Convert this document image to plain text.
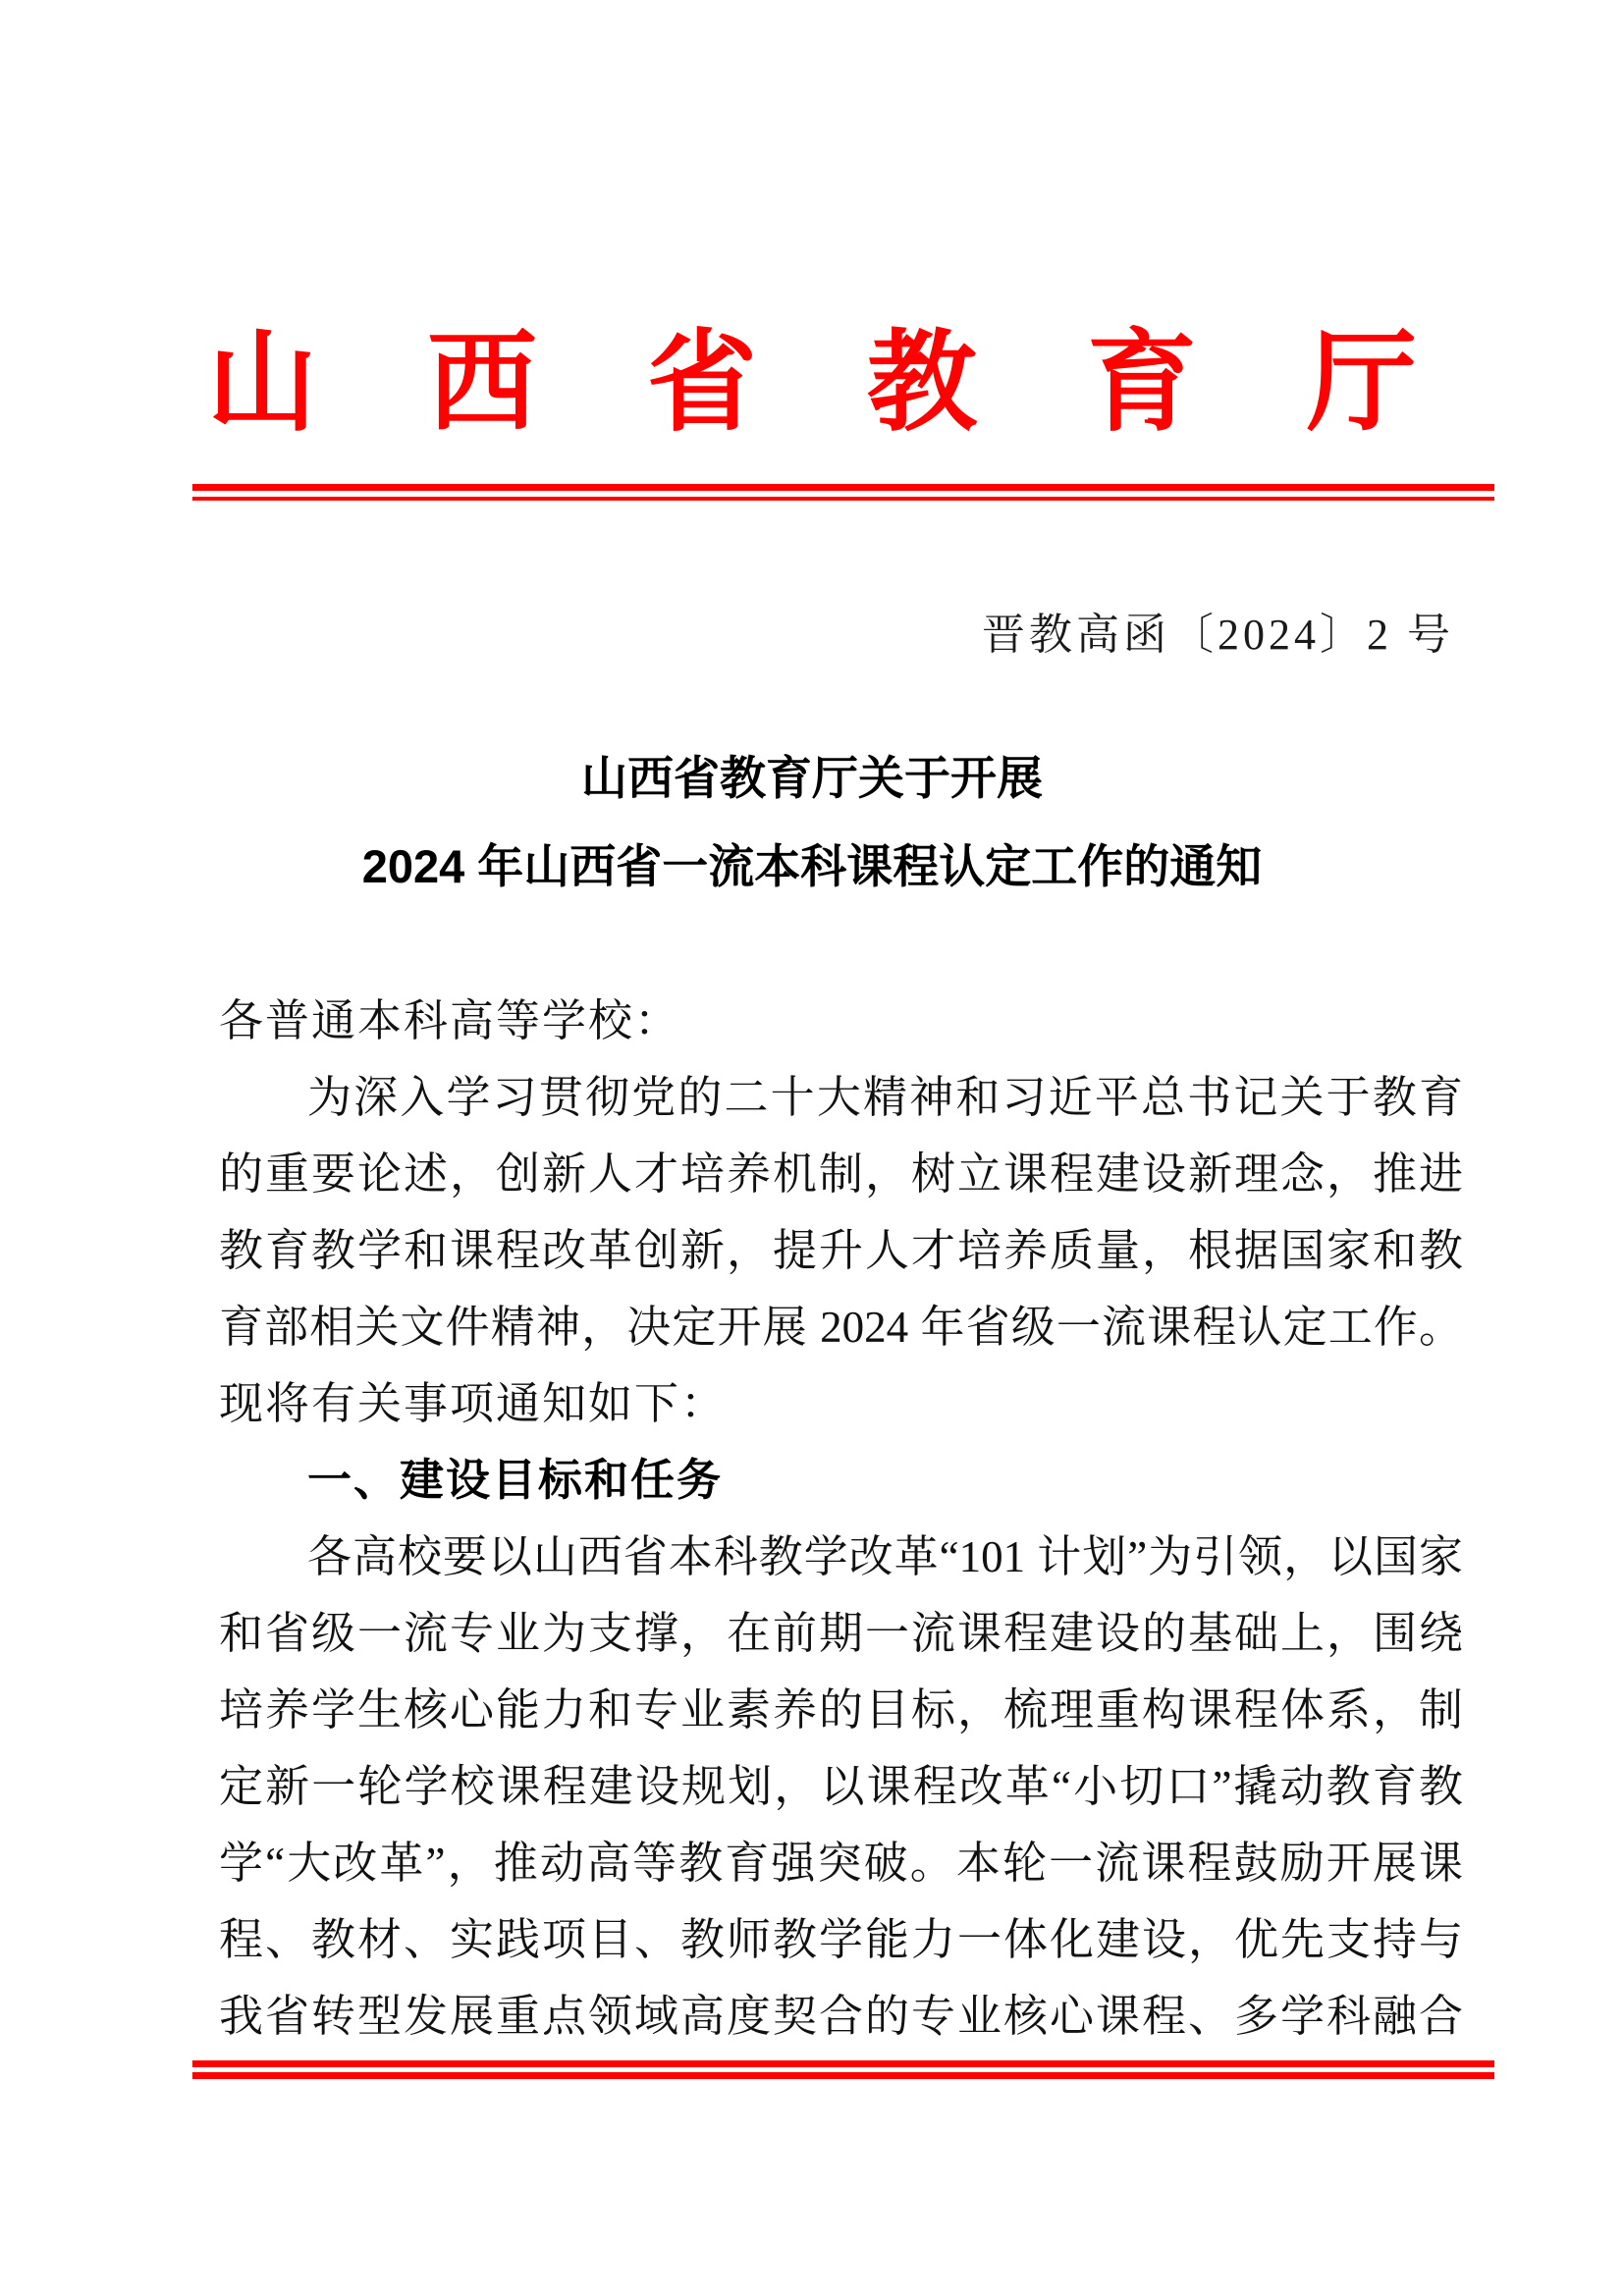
山西省教育厅
晋教高函〔2024〕2 号
山西省教育厅关于开展
2024 年山西省一流本科课程认定工作的通知
各普通本科高等学校：
为深入学习贯彻党的二十大精神和习近平总书记关于教育
的重要论述，创新人才培养机制，树立课程建设新理念，推进
教育教学和课程改革创新，提升人才培养质量，根据国家和教
育部相关文件精神，决定开展 2024 年省级一流课程认定工作。
现将有关事项通知如下：
一、建设目标和任务
各高校要以山西省本科教学改革“101 计划”为引领，以国家
和省级一流专业为支撑，在前期一流课程建设的基础上，围绕
培养学生核心能力和专业素养的目标，梳理重构课程体系，制
定新一轮学校课程建设规划，以课程改革“小切口”撬动教育教
学“大改革”，推动高等教育强突破。本轮一流课程鼓励开展课
程、教材、实践项目、教师教学能力一体化建设，优先支持与
我省转型发展重点领域高度契合的专业核心课程、多学科融合
